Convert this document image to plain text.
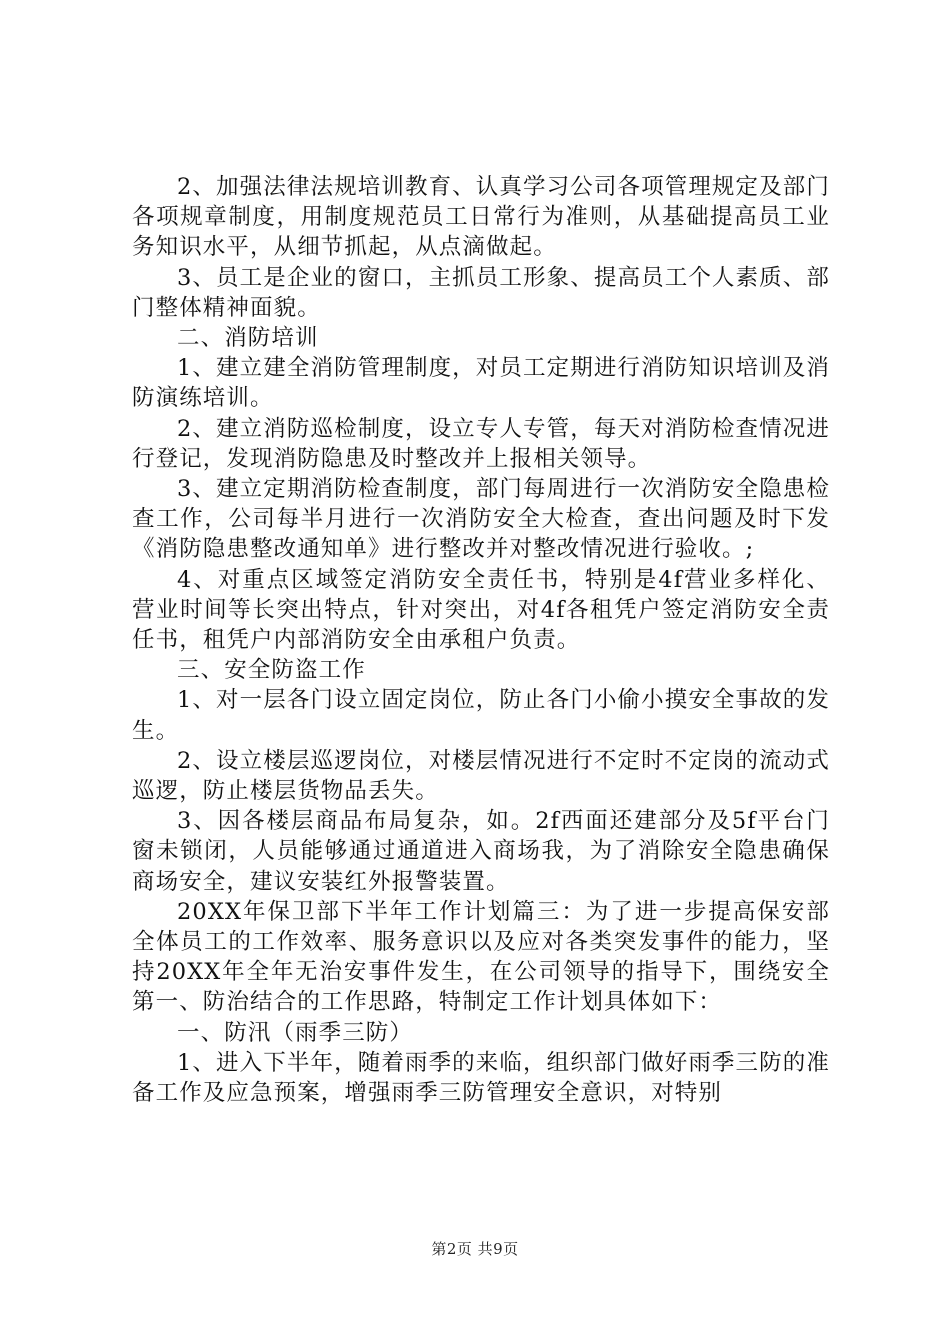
2、加强法律法规培训教育、认真学习公司各项管理规定及部门各项规章制度，用制度规范员工日常行为准则，从基础提高员工业务知识水平，从细节抓起，从点滴做起。

3、员工是企业的窗口，主抓员工形象、提高员工个人素质、部门整体精神面貌。

二、消防培训

1、建立建全消防管理制度，对员工定期进行消防知识培训及消防演练培训。

2、建立消防巡检制度，设立专人专管，每天对消防检查情况进行登记，发现消防隐患及时整改并上报相关领导。

3、建立定期消防检查制度，部门每周进行一次消防安全隐患检查工作，公司每半月进行一次消防安全大检查，查出问题及时下发《消防隐患整改通知单》进行整改并对整改情况进行验收。;

4、对重点区域签定消防安全责任书，特别是4f营业多样化、营业时间等长突出特点，针对突出，对4f各租凭户签定消防安全责任书，租凭户内部消防安全由承租户负责。

三、安全防盗工作

1、对一层各门设立固定岗位，防止各门小偷小摸安全事故的发生。

2、设立楼层巡逻岗位，对楼层情况进行不定时不定岗的流动式巡逻，防止楼层货物品丢失。

3、因各楼层商品布局复杂，如。2f西面还建部分及5f平台门窗未锁闭，人员能够通过通道进入商场我，为了消除安全隐患确保商场安全，建议安装红外报警装置。

20XX年保卫部下半年工作计划篇三：为了进一步提高保安部全体员工的工作效率、服务意识以及应对各类突发事件的能力，坚持20XX年全年无治安事件发生，在公司领导的指导下，围绕安全第一、防治结合的工作思路，特制定工作计划具体如下：

一、防汛（雨季三防）

1、进入下半年，随着雨季的来临，组织部门做好雨季三防的准备工作及应急预案，增强雨季三防管理安全意识，对特别

第2页 共9页
